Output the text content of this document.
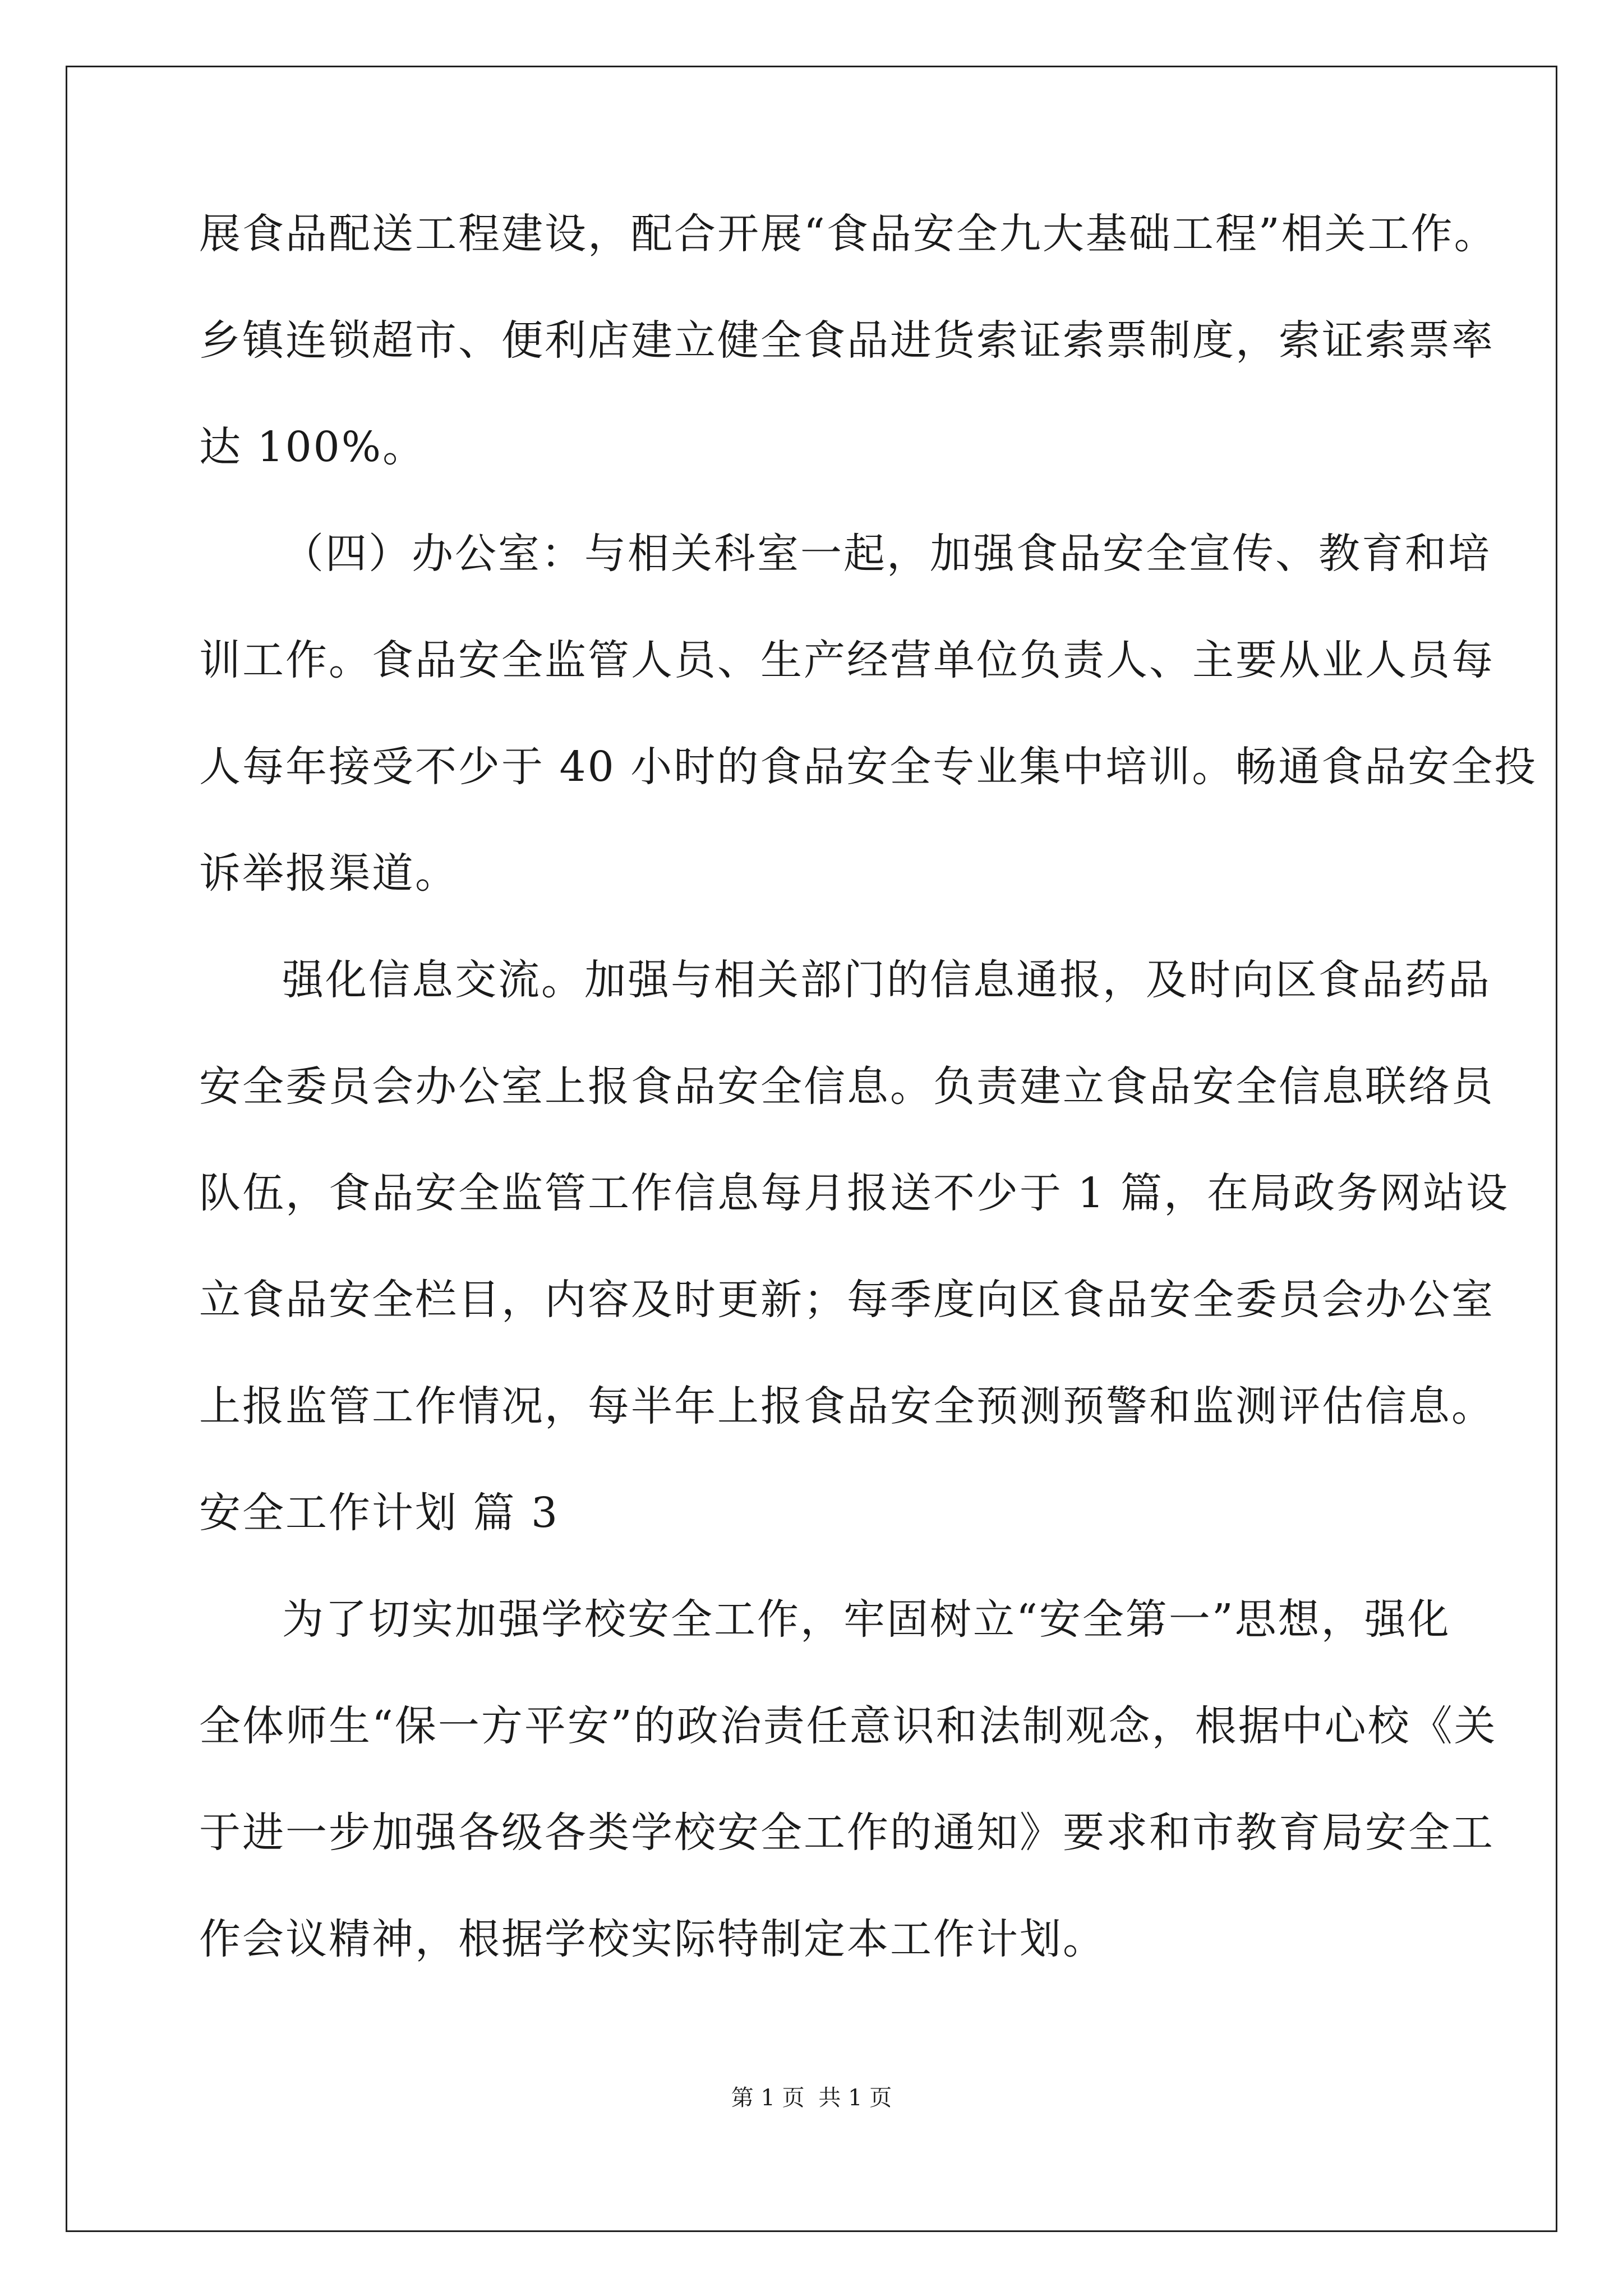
展食品配送工程建设，配合开展“食品安全九大基础工程”相关工作。
乡镇连锁超市、便利店建立健全食品进货索证索票制度，索证索票率
达 100%。
（四）办公室：与相关科室一起，加强食品安全宣传、教育和培
训工作。食品安全监管人员、生产经营单位负责人、主要从业人员每
人每年接受不少于 40 小时的食品安全专业集中培训。畅通食品安全投
诉举报渠道。
强化信息交流。加强与相关部门的信息通报，及时向区食品药品
安全委员会办公室上报食品安全信息。负责建立食品安全信息联络员
队伍，食品安全监管工作信息每月报送不少于 1 篇，在局政务网站设
立食品安全栏目，内容及时更新；每季度向区食品安全委员会办公室
上报监管工作情况，每半年上报食品安全预测预警和监测评估信息。
安全工作计划 篇 3
为了切实加强学校安全工作，牢固树立“安全第一”思想，强化
全体师生“保一方平安”的政治责任意识和法制观念，根据中心校《关
于进一步加强各级各类学校安全工作的通知》要求和市教育局安全工
作会议精神，根据学校实际特制定本工作计划。
第 1 页 共 1 页
